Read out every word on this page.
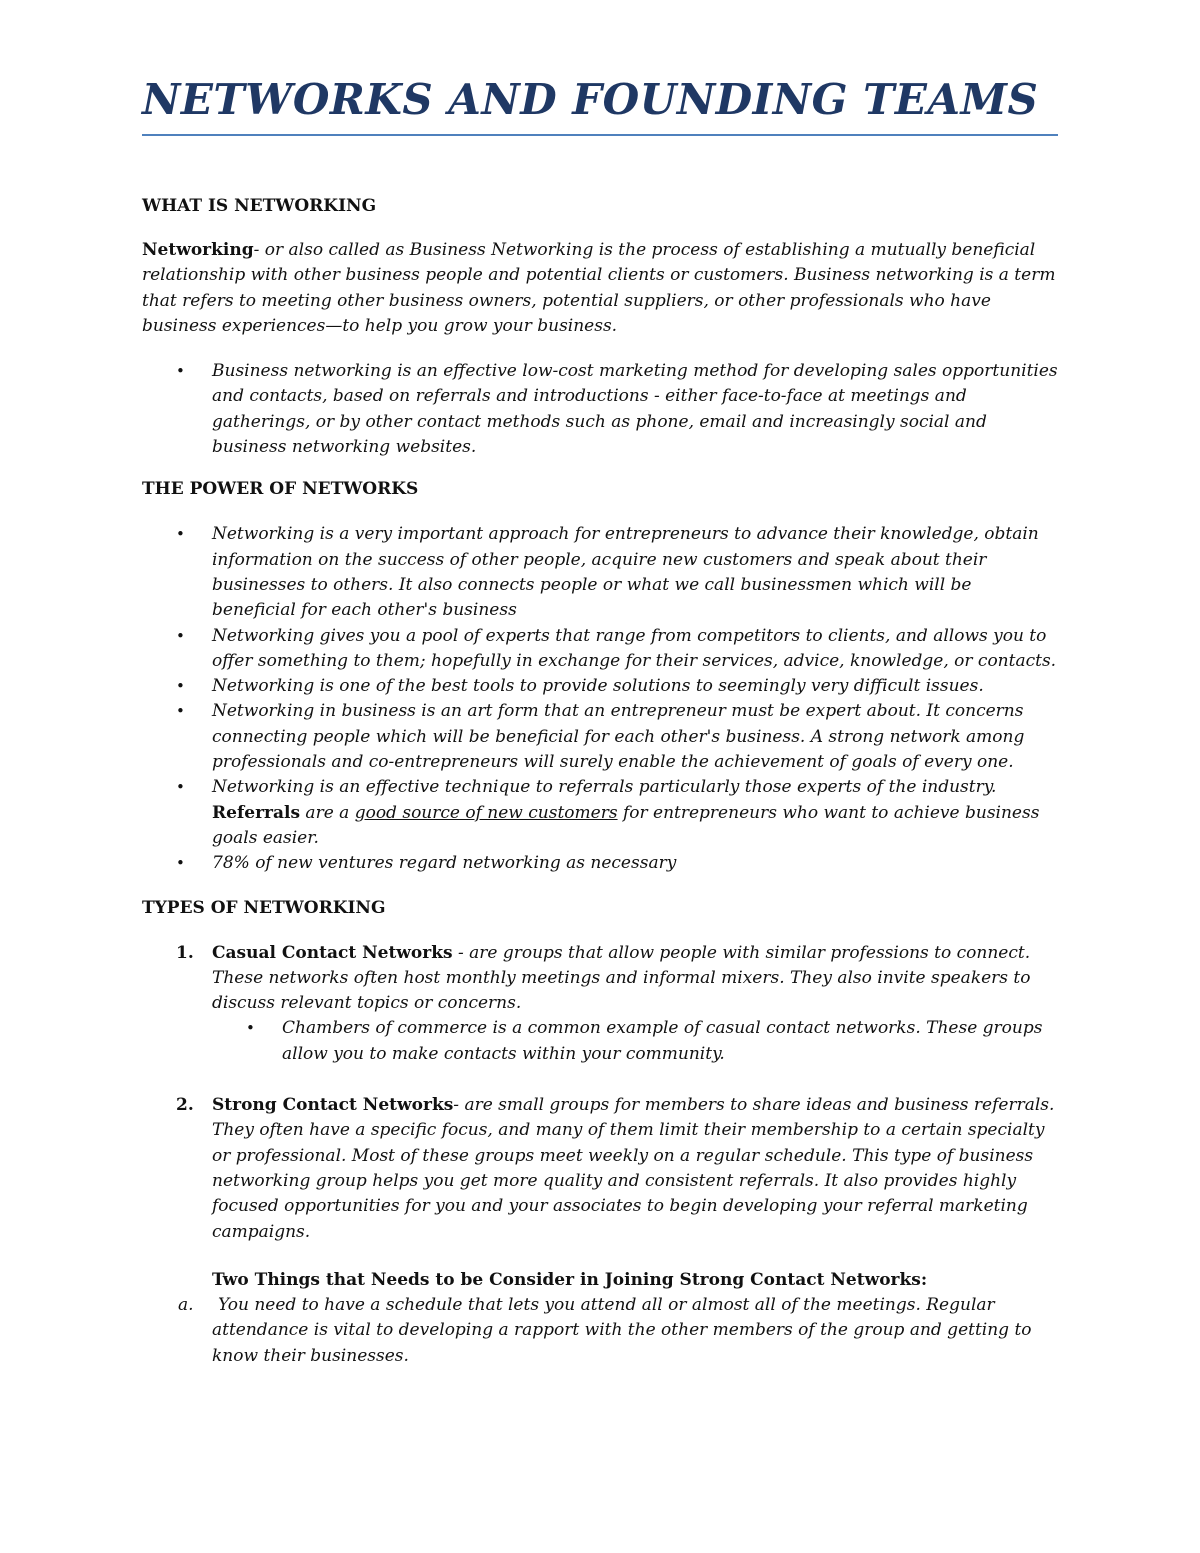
NETWORKS AND FOUNDING TEAMS
WHAT IS NETWORKING

Networking- or also called as Business Networking is the process of establishing a mutually beneficial relationship with other business people and potential clients or customers. Business networking is a term that refers to meeting other business owners, potential suppliers, or other professionals who have business experiences—to help you grow your business.

• Business networking is an effective low-cost marketing method for developing sales opportunities and contacts, based on referrals and introductions - either face-to-face at meetings and gatherings, or by other contact methods such as phone, email and increasingly social and business networking websites.
THE POWER OF NETWORKS
• Networking is a very important approach for entrepreneurs to advance their knowledge, obtain information on the success of other people, acquire new customers and speak about their businesses to others. It also connects people or what we call businessmen which will be beneficial for each other's business
• Networking gives you a pool of experts that range from competitors to clients, and allows you to offer something to them; hopefully in exchange for their services, advice, knowledge, or contacts.
• Networking is one of the best tools to provide solutions to seemingly very difficult issues.
• Networking in business is an art form that an entrepreneur must be expert about. It concerns connecting people which will be beneficial for each other's business. A strong network among professionals and co-entrepreneurs will surely enable the achievement of goals of every one.
• Networking is an effective technique to referrals particularly those experts of the industry.
Referrals are a good source of new customers for entrepreneurs who want to achieve business goals easier.
• 78% of new ventures regard networking as necessary
TYPES OF NETWORKING
1. Casual Contact Networks - are groups that allow people with similar professions to connect. These networks often host monthly meetings and informal mixers. They also invite speakers to discuss relevant topics or concerns.
• Chambers of commerce is a common example of casual contact networks. These groups allow you to make contacts within your community.
2. Strong Contact Networks- are small groups for members to share ideas and business referrals. They often have a specific focus, and many of them limit their membership to a certain specialty or professional. Most of these groups meet weekly on a regular schedule. This type of business networking group helps you get more quality and consistent referrals. It also provides highly focused opportunities for you and your associates to begin developing your referral marketing campaigns.

Two Things that Needs to be Consider in Joining Strong Contact Networks:

a. You need to have a schedule that lets you attend all or almost all of the meetings. Regular attendance is vital to developing a rapport with the other members of the group and getting to know their businesses.
